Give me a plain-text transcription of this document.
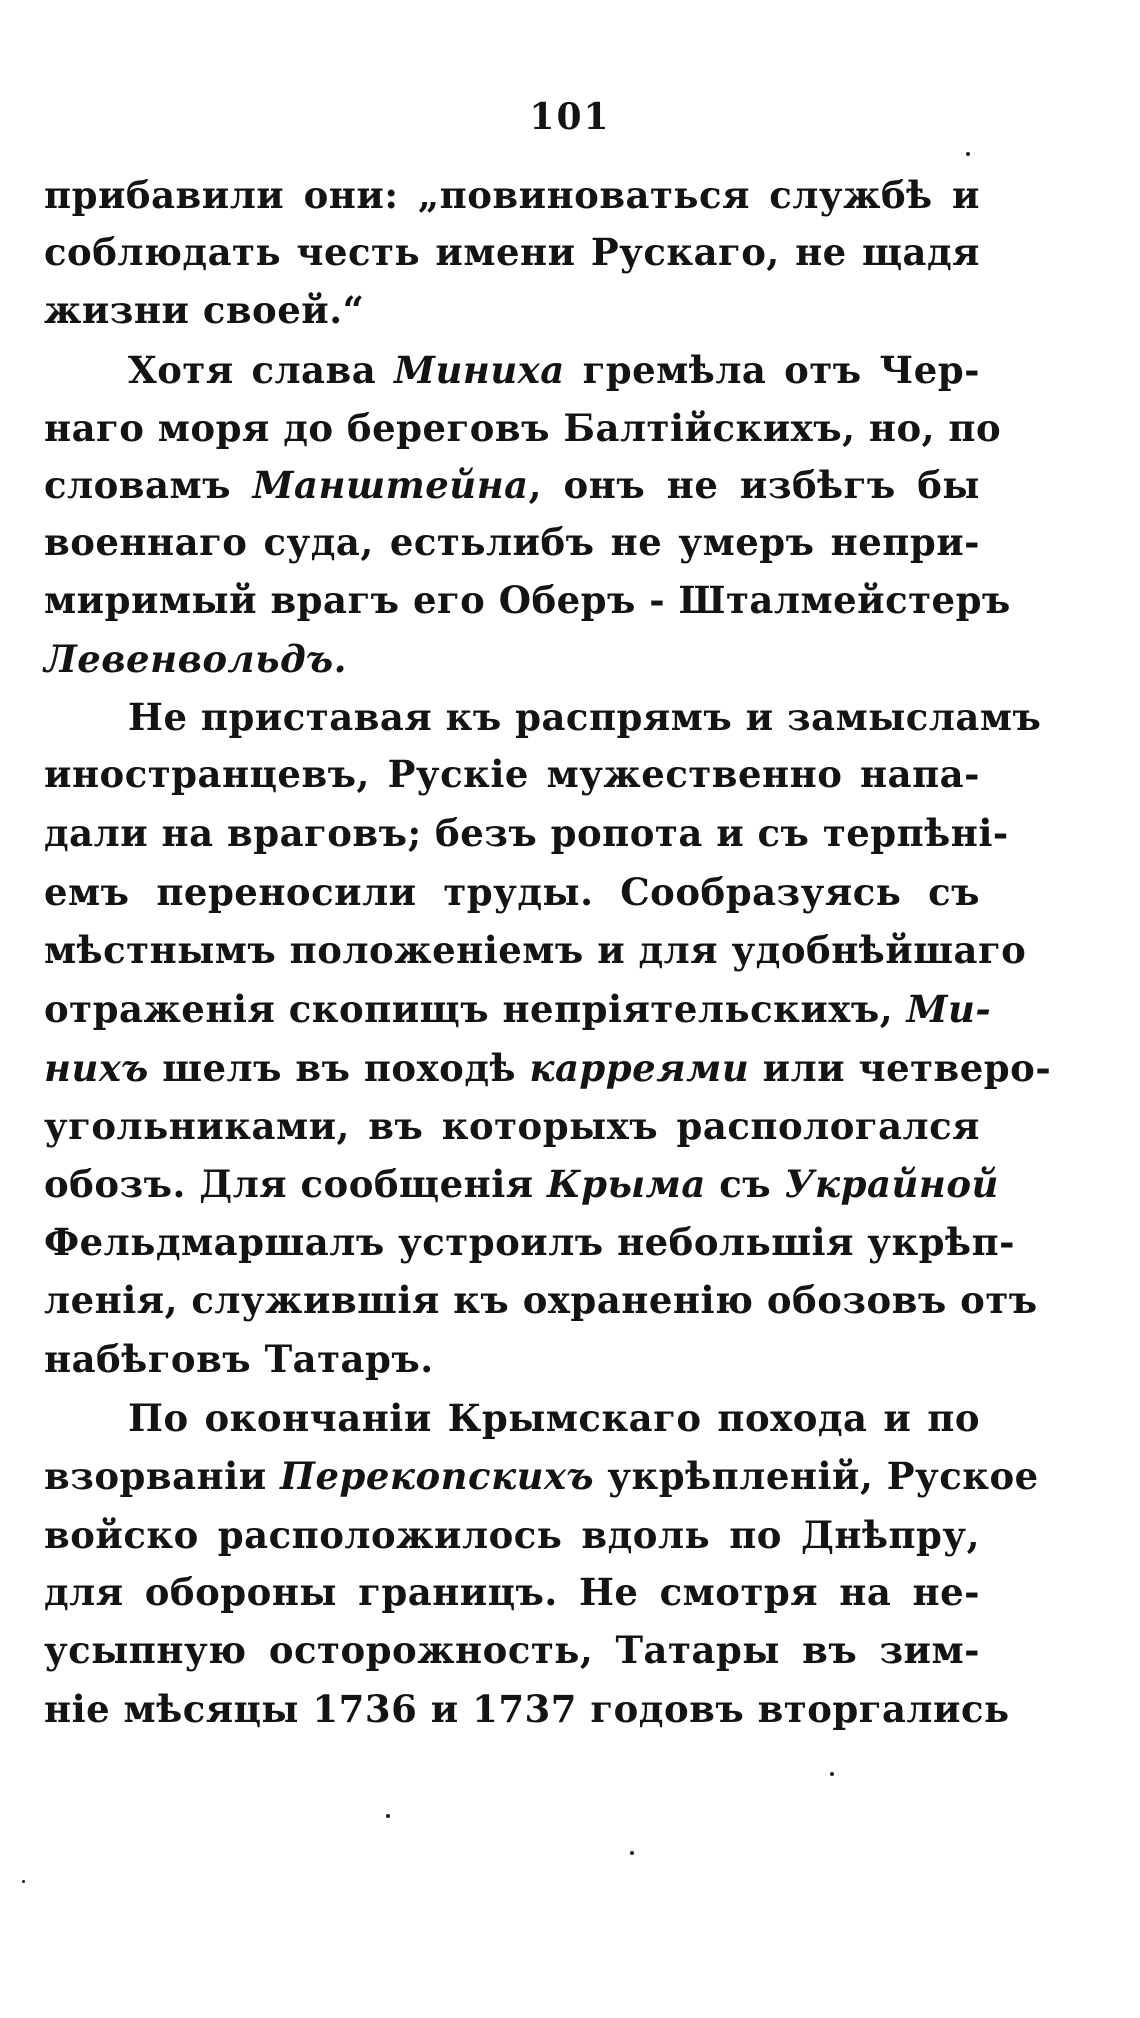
101
прибавили они: „повиноваться службѣ и
соблюдать честь имени Рускаго, не щадя
жизни своей.“
Хотя слава Миниха гремѣла отъ Чер-
наго моря до береговъ Балтійскихъ, но, по
словамъ Манштейна, онъ не избѣгъ бы
военнаго суда, естьлибъ не умеръ непри-
миримый врагъ его Оберъ - Шталмейстеръ
Левенвольдъ.
Не приставая къ распрямъ и замысламъ
иностранцевъ, Рускіе мужественно напа-
дали на враговъ; безъ ропота и съ терпѣні-
емъ переносили труды. Сообразуясь съ
мѣстнымъ положеніемъ и для удобнѣйшаго
отраженія скопищъ непріятельскихъ, Ми-
нихъ шелъ въ походѣ карреями или четверо-
угольниками, въ которыхъ распологался
обозъ. Для сообщенія Крыма съ Украйной
Фельдмаршалъ устроилъ небольшія укрѣп-
ленія, служившія къ охраненію обозовъ отъ
набѣговъ Татаръ.
По окончаніи Крымскаго похода и по
взорваніи Перекопскихъ укрѣпленій, Руское
войско расположилось вдоль по Днѣпру,
для обороны границъ. Не смотря на не-
усыпную осторожность, Татары въ зим-
ніе мѣсяцы 1736 и 1737 годовъ вторгались
